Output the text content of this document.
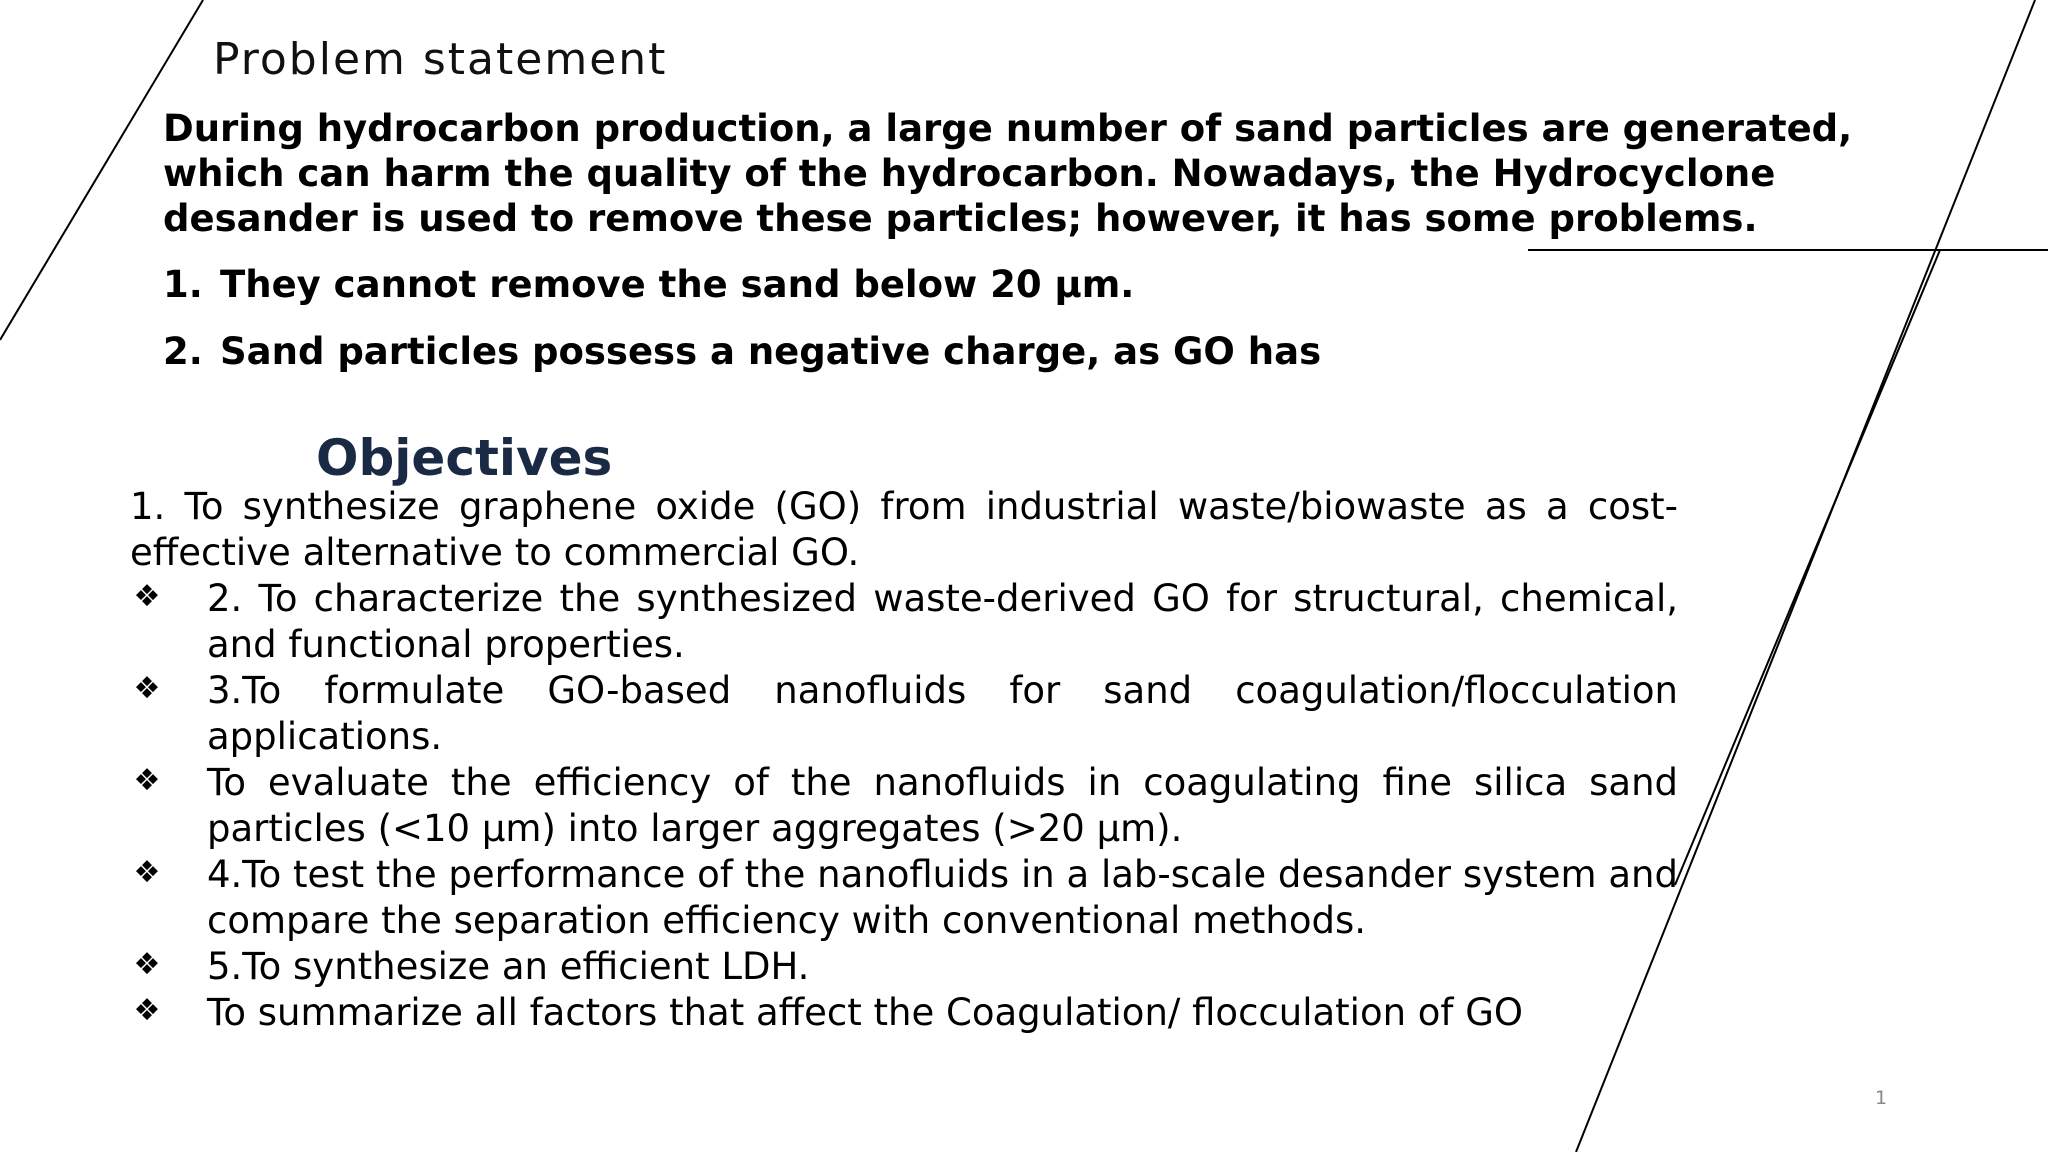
Problem statement

During hydrocarbon production, a large number of sand particles are generated, which can harm the quality of the hydrocarbon. Nowadays, the Hydrocyclone desander is used to remove these particles; however, it has some problems.

1. They cannot remove the sand below 20 μm.
2. Sand particles possess a negative charge, as GO has
Objectives

1. To synthesize graphene oxide (GO) from industrial waste/biowaste as a cost-effective alternative to commercial GO.

❖ 2. To characterize the synthesized waste-derived GO for structural, chemical, and functional properties.
❖ 3.To formulate GO-based nanofluids for sand coagulation/flocculation applications.
❖ To evaluate the efficiency of the nanofluids in coagulating fine silica sand particles (<10 μm) into larger aggregates (>20 μm).
❖ 4.To test the performance of the nanofluids in a lab-scale desander system and compare the separation efficiency with conventional methods.
❖ 5.To synthesize an efficient LDH.
❖ To summarize all factors that affect the Coagulation/ flocculation of GO
1
